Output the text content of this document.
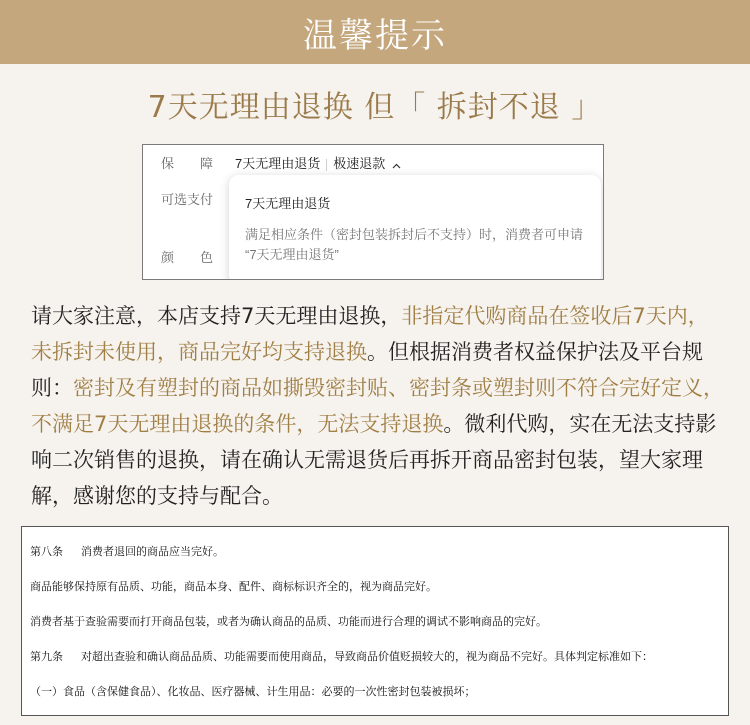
温馨提示
7天无理由退换 但「 拆封不退 」
保　　障 7天无理由退货 极速退款
可选支付
颜　　色
7天无理由退货
满足相应条件（密封包装拆封后不支持）时，消费者可申请 “7天无理由退货”
请大家注意，本店支持7天无理由退换，非指定代购商品在签收后7天内，未拆封未使用，商品完好均支持退换。但根据消费者权益保护法及平台规则：密封及有塑封的商品如撕毁密封贴、密封条或塑封则不符合完好定义，不满足7天无理由退换的条件，无法支持退换。微利代购，实在无法支持影响二次销售的退换，请在确认无需退货后再拆开商品密封包装，望大家理解，感谢您的支持与配合。
第八条 消费者退回的商品应当完好。
商品能够保持原有品质、功能，商品本身、配件、商标标识齐全的，视为商品完好。
消费者基于查验需要而打开商品包装，或者为确认商品的品质、功能而进行合理的调试不影响商品的完好。
第九条 对超出查验和确认商品品质、功能需要而使用商品，导致商品价值贬损较大的，视为商品不完好。具体判定标准如下：
（一）食品（含保健食品）、化妆品、医疗器械、计生用品：必要的一次性密封包装被损坏；
